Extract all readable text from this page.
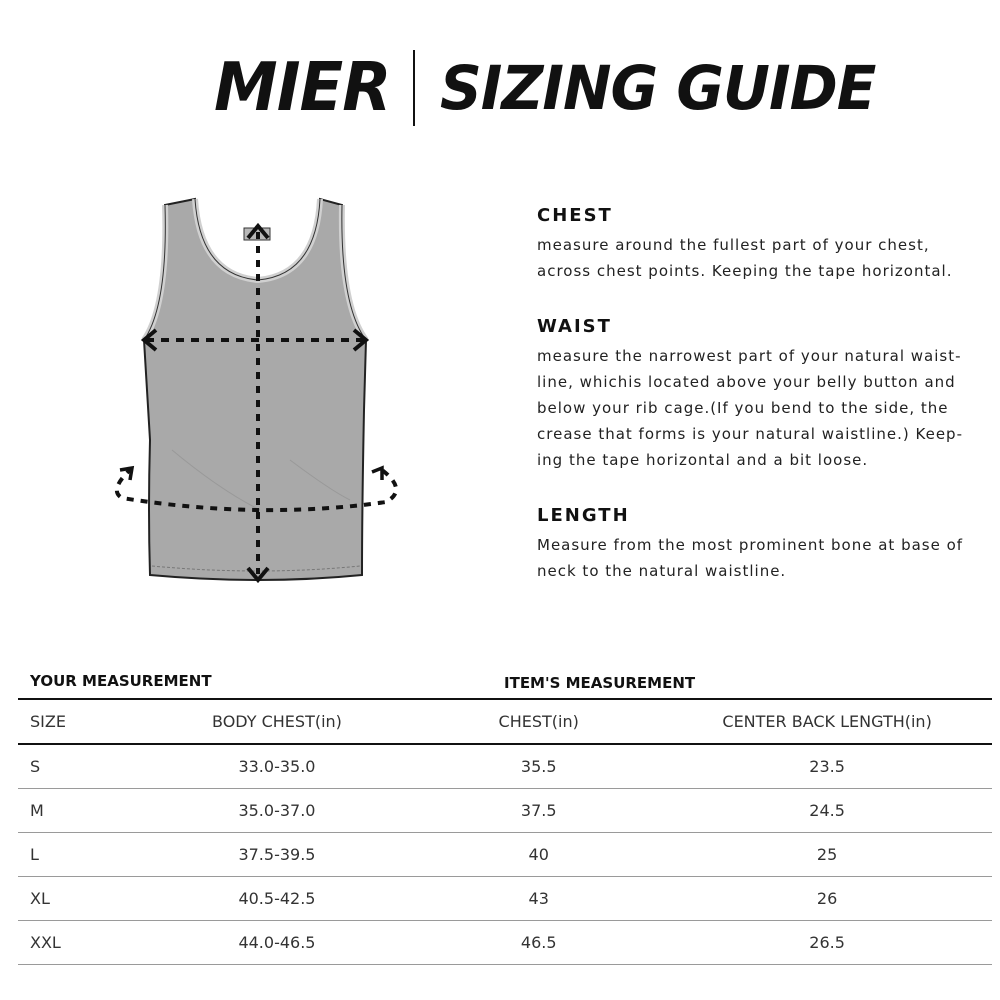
MIER SIZING GUIDE

CHEST

measure around the fullest part of your chest,
across chest points. Keeping the tape horizontal.

WAIST

measure the narrowest part of your natural waist-
line, whichis located above your belly button and
below your rib cage.(If you bend to the side, the
crease that forms is your natural waistline.) Keep-
ing the tape horizontal and a bit loose.

LENGTH

Measure from the most prominent bone at base of
neck to the natural waistline.

YOUR MEASUREMENT	ITEM'S MEASUREMENT
SIZE	BODY CHEST(in)	CHEST(in)	CENTER BACK LENGTH(in)
S	33.0-35.0	35.5	23.5
M	35.0-37.0	37.5	24.5
L	37.5-39.5	40	25
XL	40.5-42.5	43	26
XXL	44.0-46.5	46.5	26.5
